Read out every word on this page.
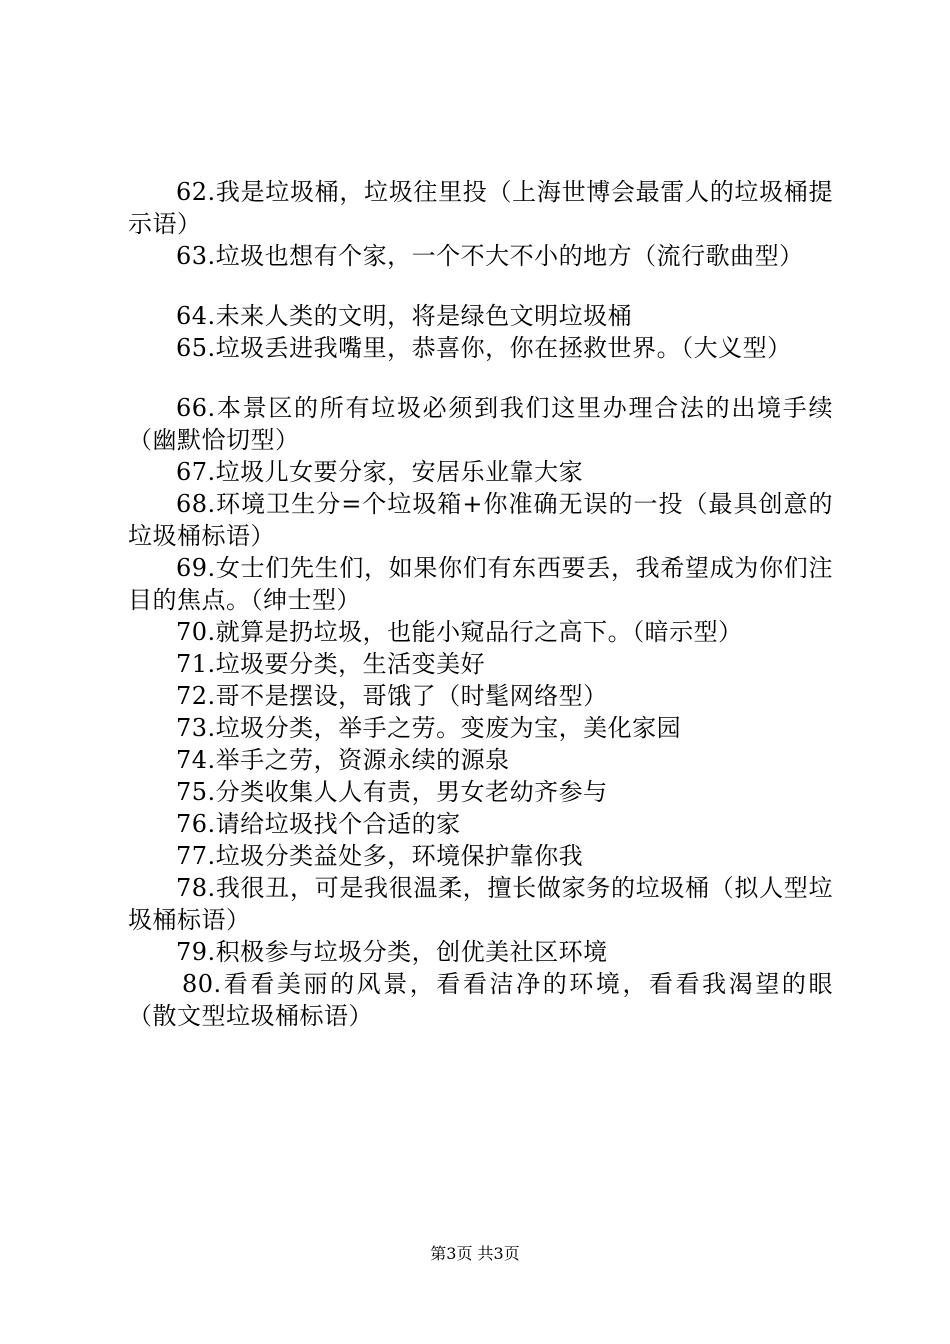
62.我是垃圾桶，垃圾往里投（上海世博会最雷人的垃圾桶提示语）

63.垃圾也想有个家，一个不大不小的地方（流行歌曲型）

64.未来人类的文明，将是绿色文明垃圾桶

65.垃圾丢进我嘴里，恭喜你，你在拯救世界。（大义型）

66.本景区的所有垃圾必须到我们这里办理合法的出境手续（幽默恰切型）

67.垃圾儿女要分家，安居乐业靠大家

68.环境卫生分=个垃圾箱+你准确无误的一投（最具创意的垃圾桶标语）

69.女士们先生们，如果你们有东西要丢，我希望成为你们注目的焦点。（绅士型）

70.就算是扔垃圾，也能小窥品行之高下。（暗示型）

71.垃圾要分类，生活变美好

72.哥不是摆设，哥饿了（时髦网络型）

73.垃圾分类，举手之劳。变废为宝，美化家园

74.举手之劳，资源永续的源泉

75.分类收集人人有责，男女老幼齐参与

76.请给垃圾找个合适的家

77.垃圾分类益处多，环境保护靠你我

78.我很丑，可是我很温柔，擅长做家务的垃圾桶（拟人型垃圾桶标语）

79.积极参与垃圾分类，创优美社区环境

80.看看美丽的风景，看看洁净的环境，看看我渴望的眼（散文型垃圾桶标语）

第3页 共3页
